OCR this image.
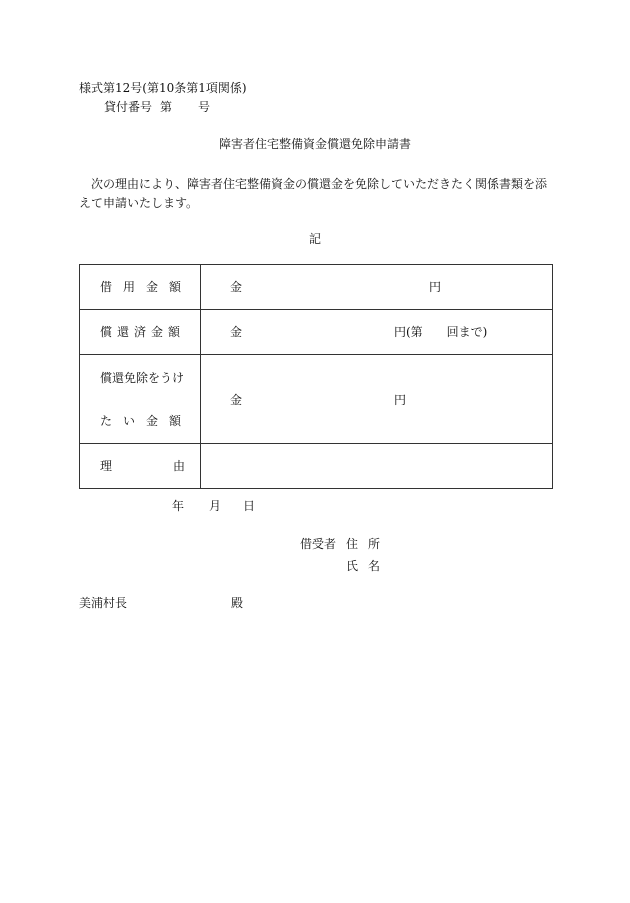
様式第12号(第10条第1項関係)
貸付番号 第 号
障害者住宅整備資金償還免除申請書
　次の理由により、障害者住宅整備資金の償還金を免除していただきたく関係書類を添えて申請いたします。
記
借用金額	金 円

償還済金額	金 円(第　　回まで)

償還免除をうけ
たい金額	金 円

理 由	

年 月 日
借受者 住所
氏名
美浦村長	殿
